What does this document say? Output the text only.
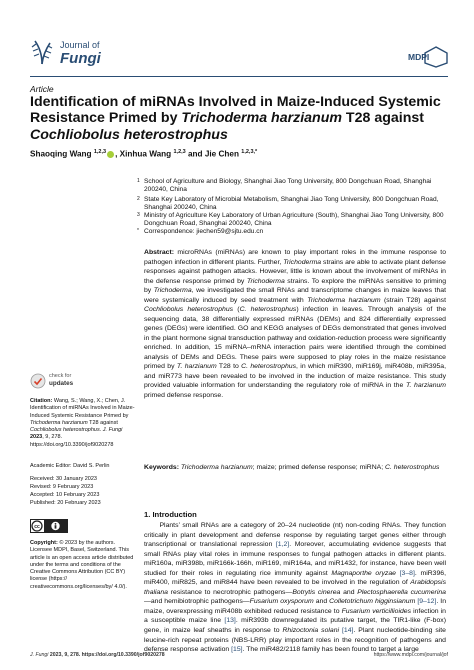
Journal of
Fungi	MDPI
Article
Identification of miRNAs Involved in Maize-Induced Systemic
Resistance Primed by Trichoderma harzianum T28 against
Cochliobolus heterostrophus
Shaoqing Wang $^{1,2,3}$ , Xinhua Wang $^{1,2,3}$ and Jie Chen $^{1,2,3,*}$
1 School of Agriculture and Biology, Shanghai Jiao Tong University, 800 Dongchuan Road, Shanghai 200240, China
2 State Key Laboratory of Microbial Metabolism, Shanghai Jiao Tong University, 800 Dongchuan Road, Shanghai 200240, China
3 Ministry of Agriculture Key Laboratory of Urban Agriculture (South), Shanghai Jiao Tong University, 800 Dongchuan Road, Shanghai 200240, China
* Correspondence: jiechen59@sjtu.edu.cn
Abstract: microRNAs (miRNAs) are known to play important roles in the immune response to pathogen infection in different plants. Further, Trichoderma strains are able to activate plant defense responses against pathogen attacks. However, little is known about the involvement of miRNAs in the defense response primed by Trichoderma strains. To explore the miRNAs sensitive to priming by Trichoderma, we investigated the small RNAs and transcriptome changes in maize leaves that were systemically induced by seed treatment with Trichoderma harzianum (strain T28) against Cochliobolus heterostrophus (C. heterostrophus) infection in leaves. Through analysis of the sequencing data, 38 differentially expressed miRNAs (DEMs) and 824 differentially expressed genes (DEGs) were identified. GO and KEGG analyses of DEGs demonstrated that genes involved in the plant hormone signal transduction pathway and oxidation-reduction process were significantly enriched. In addition, 15 miRNA–mRNA interaction pairs were identified through the combined analysis of DEMs and DEGs. These pairs were supposed to play roles in the maize resistance primed by T. harzianum T28 to C. heterostrophus, in which miR390, miR169j, miR408b, miR395a, and miR773 have been revealed to be involved in the induction of maize resistance. This study provided valuable information for understanding the regulatory role of miRNA in the T. harzianum primed defense response.
Keywords: Trichoderma harzianum; maize; primed defense response; miRNA; C. heterostrophus
check for
updates
Citation: Wang, S.; Wang, X.; Chen, J. Identification of miRNAs Involved in Maize-Induced Systemic Resistance Primed by Trichoderma harzianum T28 against Cochliobolus heterostrophus. J. Fungi 2023, 9, 278. https://doi.org/10.3390/jof9020278
Academic Editor: David S. Perlin
Received: 30 January 2023
Revised: 9 February 2023
Accepted: 10 February 2023
Published: 20 February 2023
cc
Copyright: © 2023 by the authors. Licensee MDPI, Basel, Switzerland. This article is an open access article distributed under the terms and conditions of the Creative Commons Attribution (CC BY) license (https:// creativecommons.org/licenses/by/ 4.0/).
1. Introduction
Plants’ small RNAs are a category of 20–24 nucleotide (nt) non-coding RNAs. They function critically in plant development and defense response by regulating target genes either through transcriptional or translational repression [1,2]. Moreover, accumulating evidence suggests that small RNAs play vital roles in immune responses to fungal pathogen attacks in different plants. miR160a, miR398b, miR166k-166h, miR169, miR164a, and miR1432, for instance, have been well studied for their roles in regulating rice immunity against Magnaporthe oryzae [3–8]. miR396, miR400, miR825, and miR844 have been revealed to be involved in the regulation of Arabidopsis thaliana resistance to necrotrophic pathogens—Botrytis cinerea and Plectosphaerella cucumerina—and hemibiotrophic pathogens—Fusarium oxysporum and Colletotrichum higginsianum [9–12]. In maize, overexpressing miR408b exhibited reduced resistance to Fusarium verticillioides infection in a susceptible maize line [13]. miR393b downregulated its putative target, the TIR1-like (F-box) gene, in maize leaf sheaths in response to Rhizoctonia solani [14]. Plant nucleotide-binding site leucine-rich repeat proteins (NBS-LRR) play important roles in the recognition of pathogens and defense response activation [15]. The miR482/2118 family has been found to target a large
J. Fungi 2023, 9, 278. https://doi.org/10.3390/jof9020278	https://www.mdpi.com/journal/jof
